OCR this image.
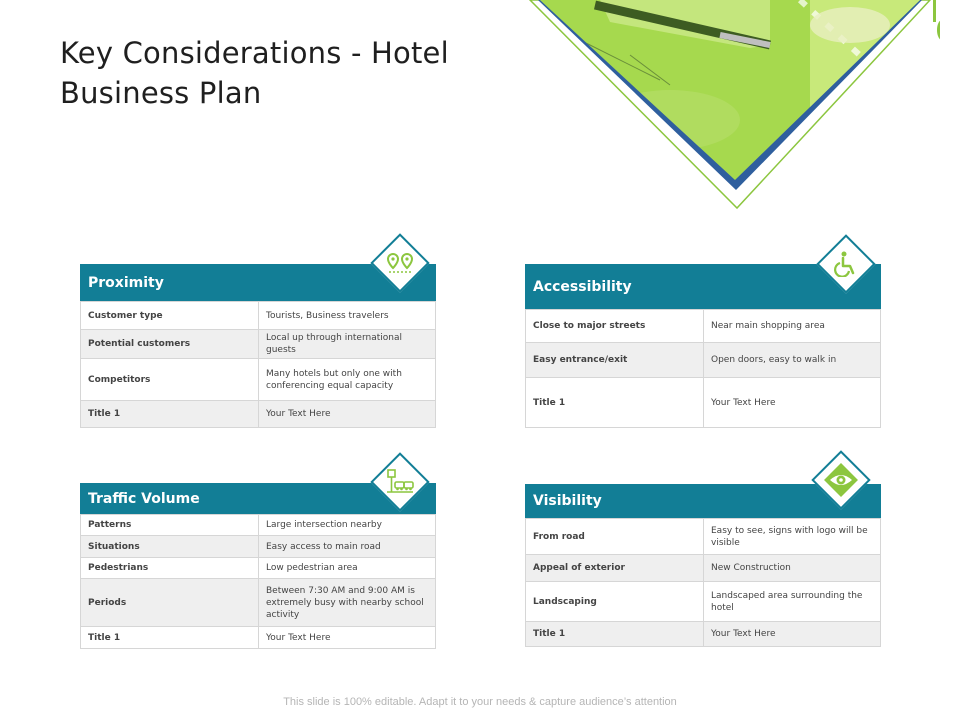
Key Considerations - Hotel Business Plan
Proximity
Customer type	Tourists, Business travelers
Potential customers	Local up through international guests
Competitors	Many hotels but only one with conferencing equal capacity
Title 1	Your Text Here
Accessibility
Close to major streets	Near main shopping area
Easy entrance/exit	Open doors, easy to walk in
Title 1	Your Text Here
Traffic Volume
Patterns	Large intersection nearby
Situations	Easy access to main road
Pedestrians	Low pedestrian area
Periods	Between 7:30 AM and 9:00 AM is extremely busy with nearby school activity
Title 1	Your Text Here
Visibility
From road	Easy to see, signs with logo will be visible
Appeal of exterior	New Construction
Landscaping	Landscaped area surrounding the hotel
Title 1	Your Text Here
This slide is 100% editable. Adapt it to your needs & capture audience’s attention
